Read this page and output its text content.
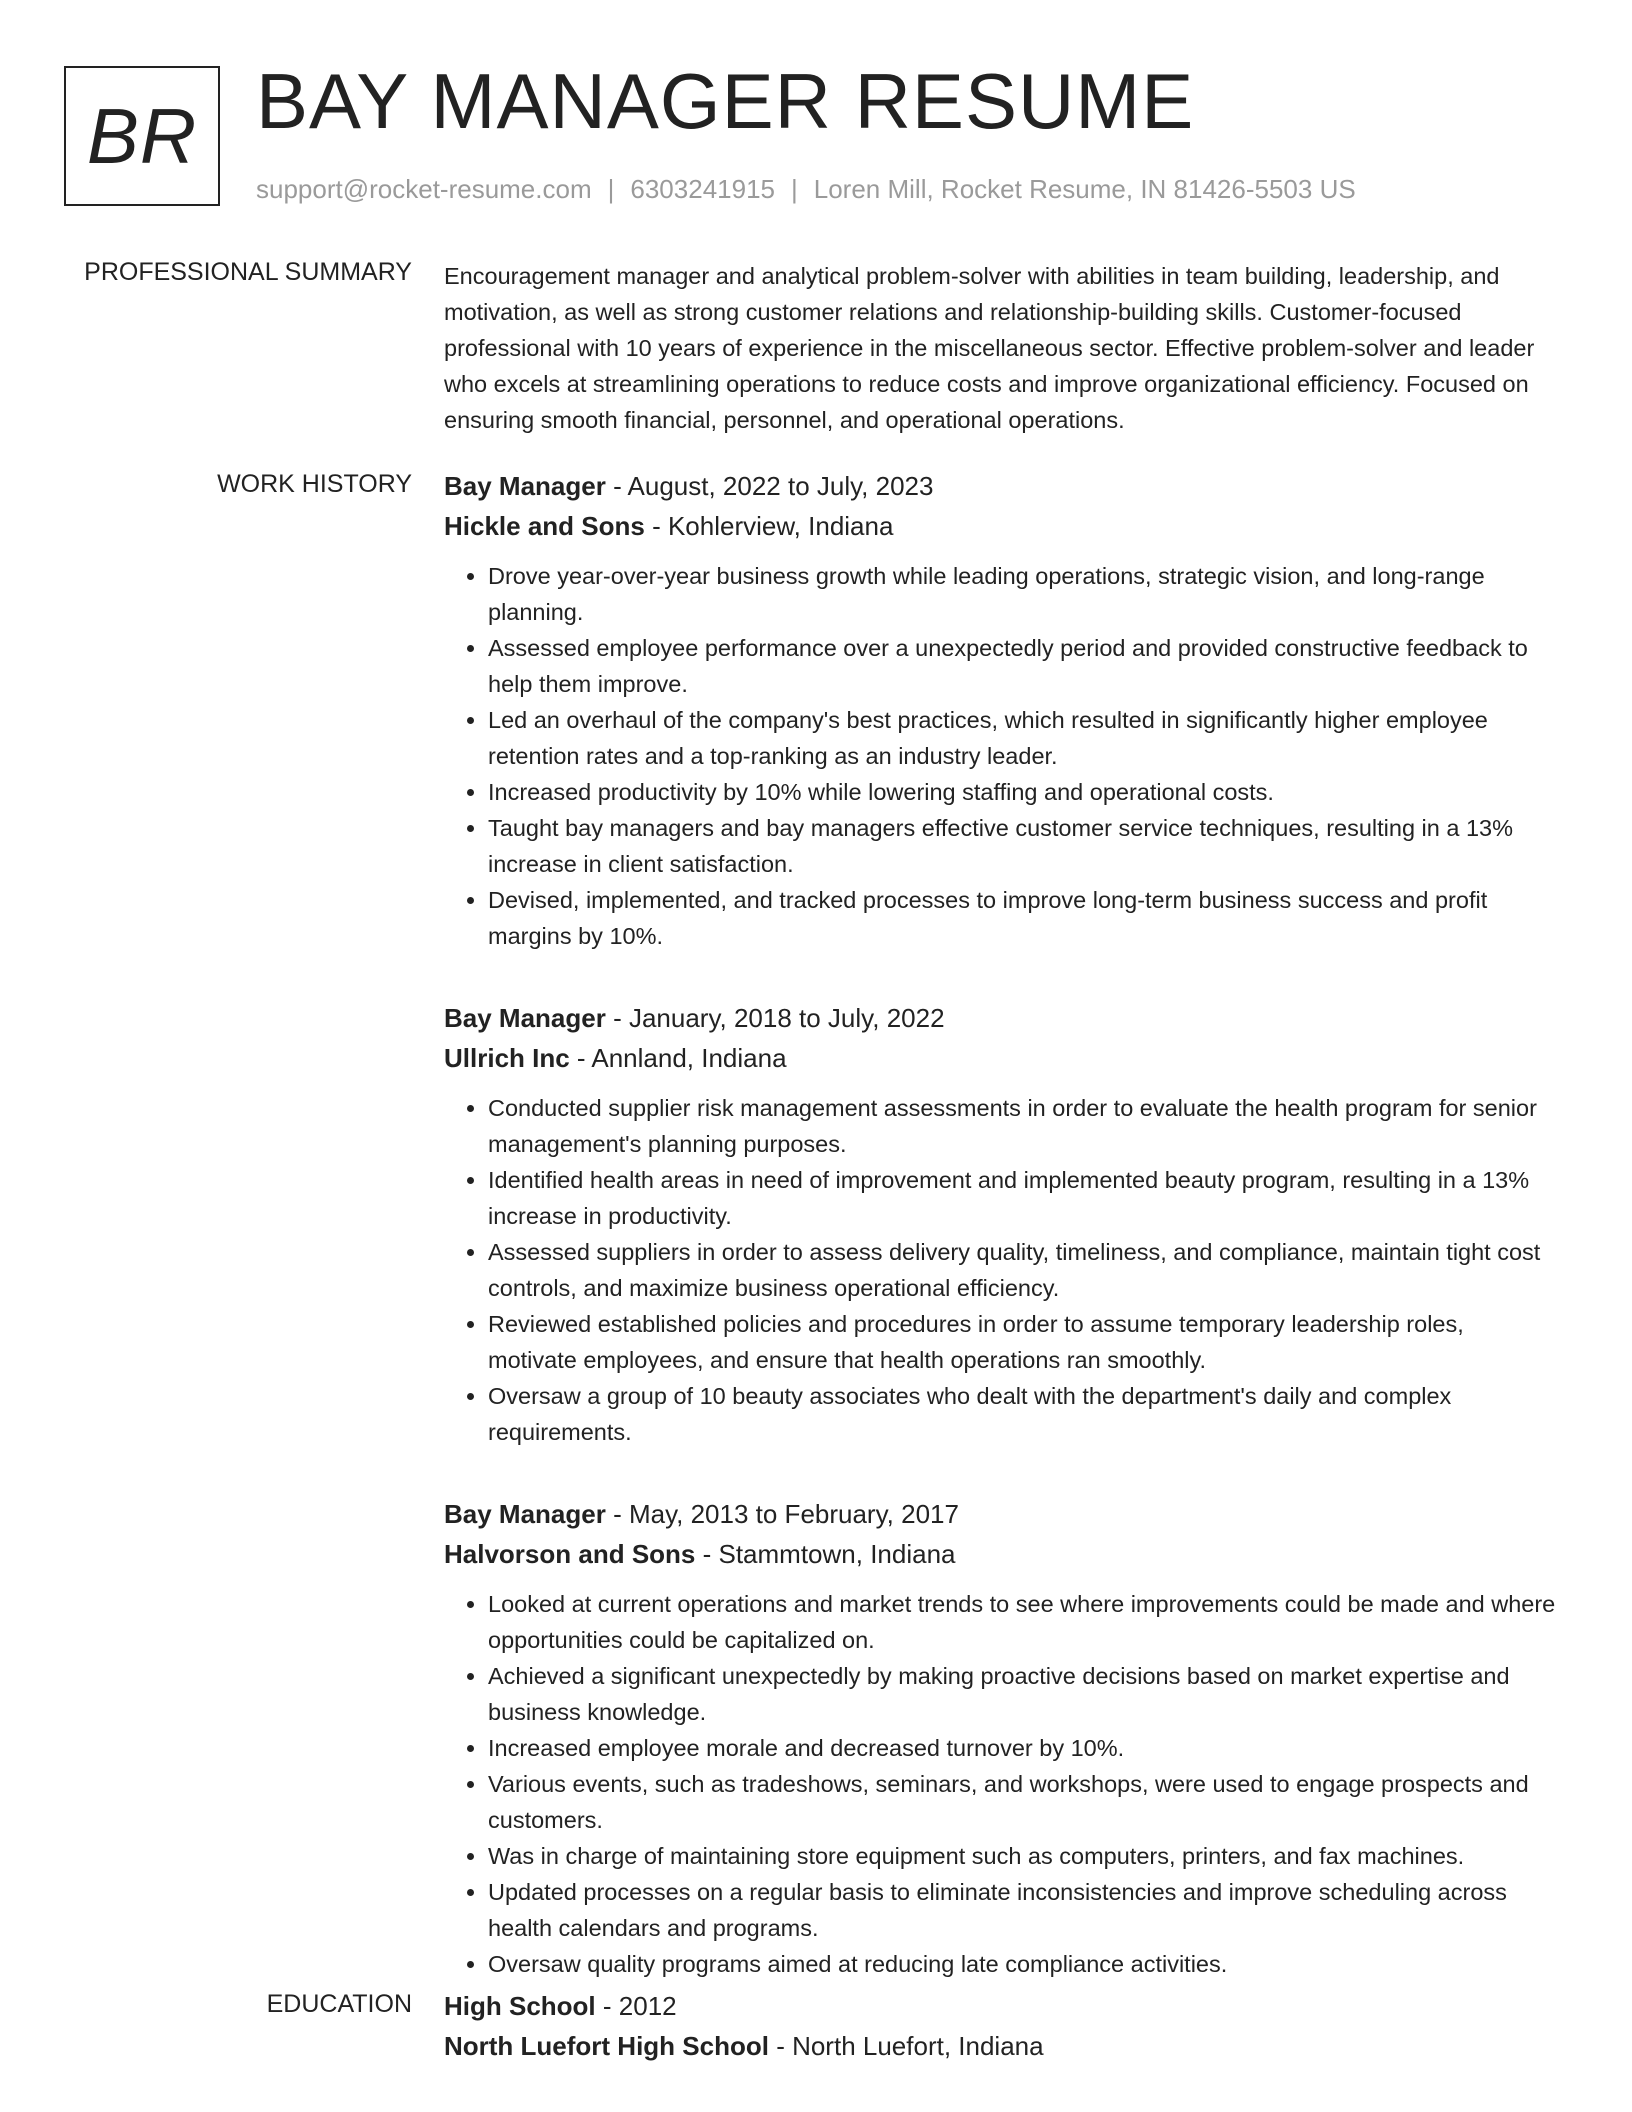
BR BAY MANAGER RESUME
support@rocket-resume.com | 6303241915 | Loren Mill, Rocket Resume, IN 81426-5503 US
PROFESSIONAL SUMMARY Encouragement manager and analytical problem-solver with abilities in team building, leadership, and motivation, as well as strong customer relations and relationship-building skills. Customer-focused professional with 10 years of experience in the miscellaneous sector. Effective problem-solver and leader who excels at streamlining operations to reduce costs and improve organizational efficiency. Focused on ensuring smooth financial, personnel, and operational operations.

WORK HISTORY Bay Manager - August, 2022 to July, 2023
Hickle and Sons - Kohlerview, Indiana
• Drove year-over-year business growth while leading operations, strategic vision, and long-range planning.
• Assessed employee performance over a unexpectedly period and provided constructive feedback to help them improve.
• Led an overhaul of the company's best practices, which resulted in significantly higher employee retention rates and a top-ranking as an industry leader.
• Increased productivity by 10% while lowering staffing and operational costs.
• Taught bay managers and bay managers effective customer service techniques, resulting in a 13% increase in client satisfaction.
• Devised, implemented, and tracked processes to improve long-term business success and profit margins by 10%.
Bay Manager - January, 2018 to July, 2022
Ullrich Inc - Annland, Indiana
• Conducted supplier risk management assessments in order to evaluate the health program for senior management's planning purposes.
• Identified health areas in need of improvement and implemented beauty program, resulting in a 13% increase in productivity.
• Assessed suppliers in order to assess delivery quality, timeliness, and compliance, maintain tight cost controls, and maximize business operational efficiency.
• Reviewed established policies and procedures in order to assume temporary leadership roles, motivate employees, and ensure that health operations ran smoothly.
• Oversaw a group of 10 beauty associates who dealt with the department's daily and complex requirements.
Bay Manager - May, 2013 to February, 2017
Halvorson and Sons - Stammtown, Indiana
• Looked at current operations and market trends to see where improvements could be made and where opportunities could be capitalized on.
• Achieved a significant unexpectedly by making proactive decisions based on market expertise and business knowledge.
• Increased employee morale and decreased turnover by 10%.
• Various events, such as tradeshows, seminars, and workshops, were used to engage prospects and customers.
• Was in charge of maintaining store equipment such as computers, printers, and fax machines.
• Updated processes on a regular basis to eliminate inconsistencies and improve scheduling across health calendars and programs.
• Oversaw quality programs aimed at reducing late compliance activities.
EDUCATION High School - 2012
North Luefort High School - North Luefort, Indiana
